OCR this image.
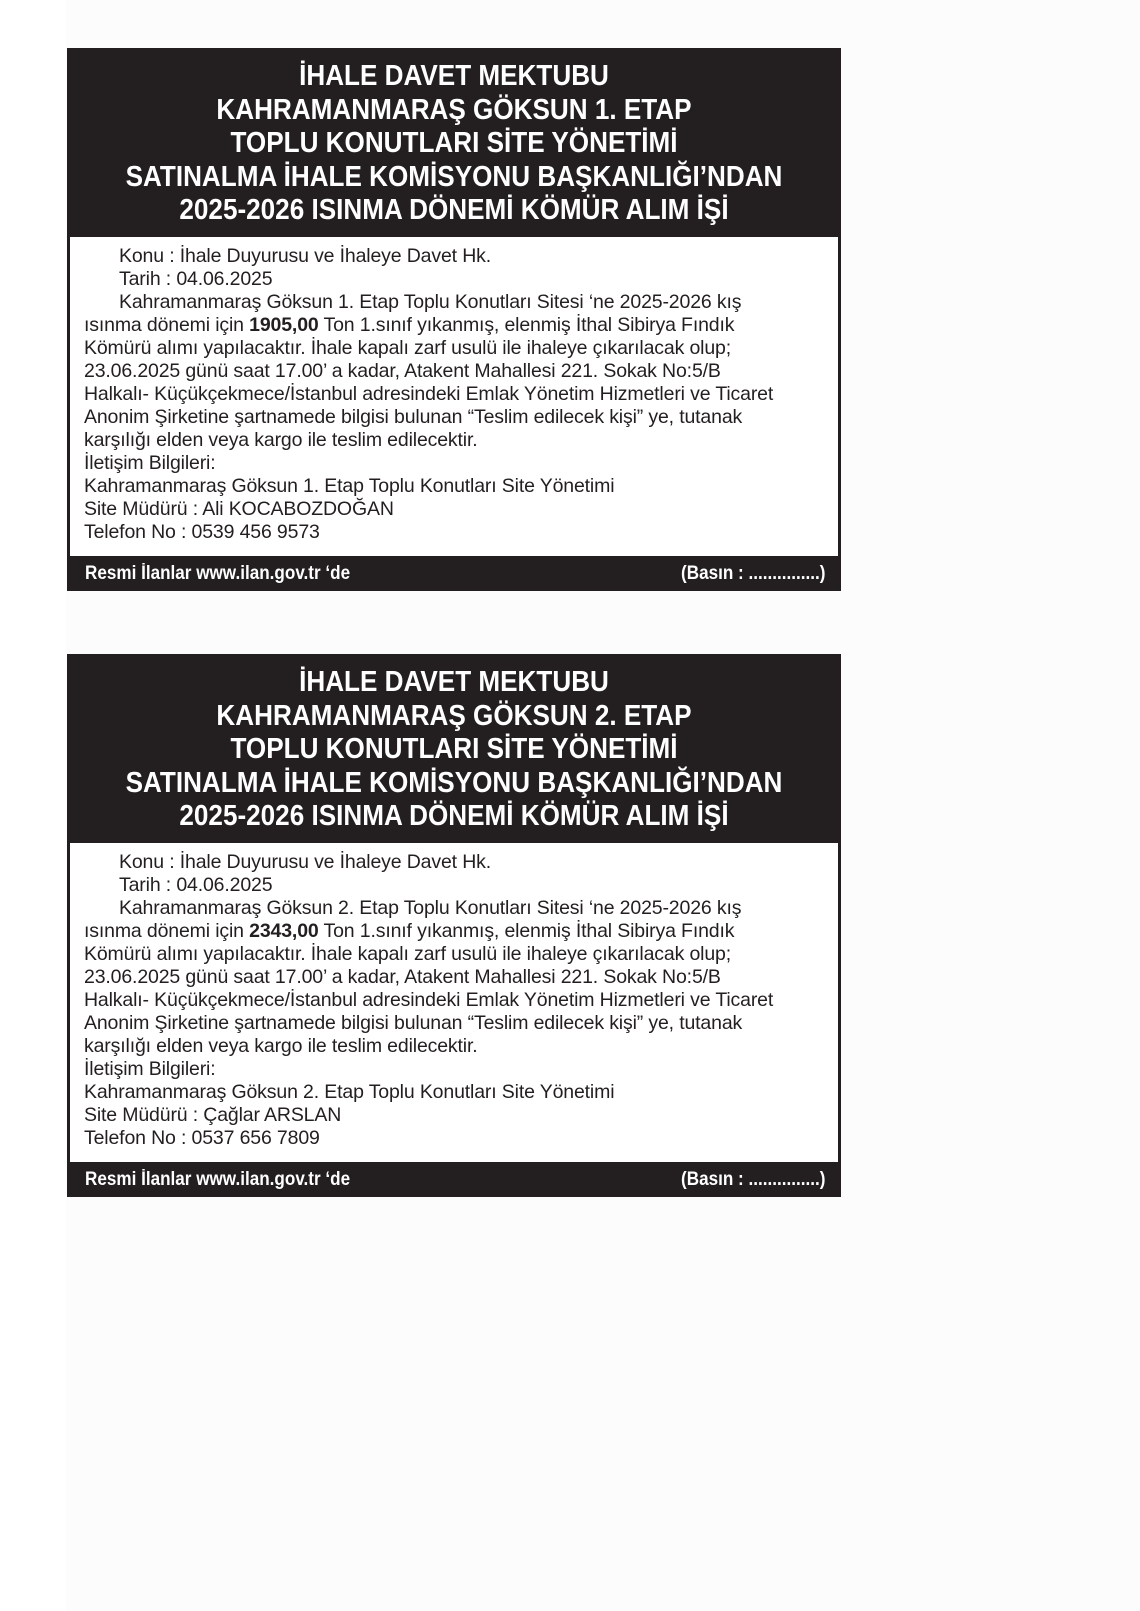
İHALE DAVET MEKTUBU
KAHRAMANMARAŞ GÖKSUN 1. ETAP
TOPLU KONUTLARI SİTE YÖNETİMİ
SATINALMA İHALE KOMİSYONU BAŞKANLIĞI’NDAN
2025-2026 ISINMA DÖNEMİ KÖMÜR ALIM İŞİ
Konu : İhale Duyurusu ve İhaleye Davet Hk.
Tarih : 04.06.2025
Kahramanmaraş Göksun 1. Etap Toplu Konutları Sitesi ‘ne 2025-2026 kış
ısınma dönemi için 1905,00 Ton 1.sınıf yıkanmış, elenmiş İthal Sibirya Fındık
Kömürü alımı yapılacaktır. İhale kapalı zarf usulü ile ihaleye çıkarılacak olup;
23.06.2025 günü saat 17.00’ a kadar, Atakent Mahallesi 221. Sokak No:5/B
Halkalı- Küçükçekmece/İstanbul adresindeki Emlak Yönetim Hizmetleri ve Ticaret
Anonim Şirketine şartnamede bilgisi bulunan “Teslim edilecek kişi” ye, tutanak
karşılığı elden veya kargo ile teslim edilecektir.
İletişim Bilgileri:
Kahramanmaraş Göksun 1. Etap Toplu Konutları Site Yönetimi
Site Müdürü : Ali KOCABOZDOĞAN
Telefon No : 0539 456 9573
Resmi İlanlar www.ilan.gov.tr ‘de	(Basın : ...............)
İHALE DAVET MEKTUBU
KAHRAMANMARAŞ GÖKSUN 2. ETAP
TOPLU KONUTLARI SİTE YÖNETİMİ
SATINALMA İHALE KOMİSYONU BAŞKANLIĞI’NDAN
2025-2026 ISINMA DÖNEMİ KÖMÜR ALIM İŞİ
Konu : İhale Duyurusu ve İhaleye Davet Hk.
Tarih : 04.06.2025
Kahramanmaraş Göksun 2. Etap Toplu Konutları Sitesi ‘ne 2025-2026 kış
ısınma dönemi için 2343,00 Ton 1.sınıf yıkanmış, elenmiş İthal Sibirya Fındık
Kömürü alımı yapılacaktır. İhale kapalı zarf usulü ile ihaleye çıkarılacak olup;
23.06.2025 günü saat 17.00’ a kadar, Atakent Mahallesi 221. Sokak No:5/B
Halkalı- Küçükçekmece/İstanbul adresindeki Emlak Yönetim Hizmetleri ve Ticaret
Anonim Şirketine şartnamede bilgisi bulunan “Teslim edilecek kişi” ye, tutanak
karşılığı elden veya kargo ile teslim edilecektir.
İletişim Bilgileri:
Kahramanmaraş Göksun 2. Etap Toplu Konutları Site Yönetimi
Site Müdürü : Çağlar ARSLAN
Telefon No : 0537 656 7809
Resmi İlanlar www.ilan.gov.tr ‘de	(Basın : ...............)
